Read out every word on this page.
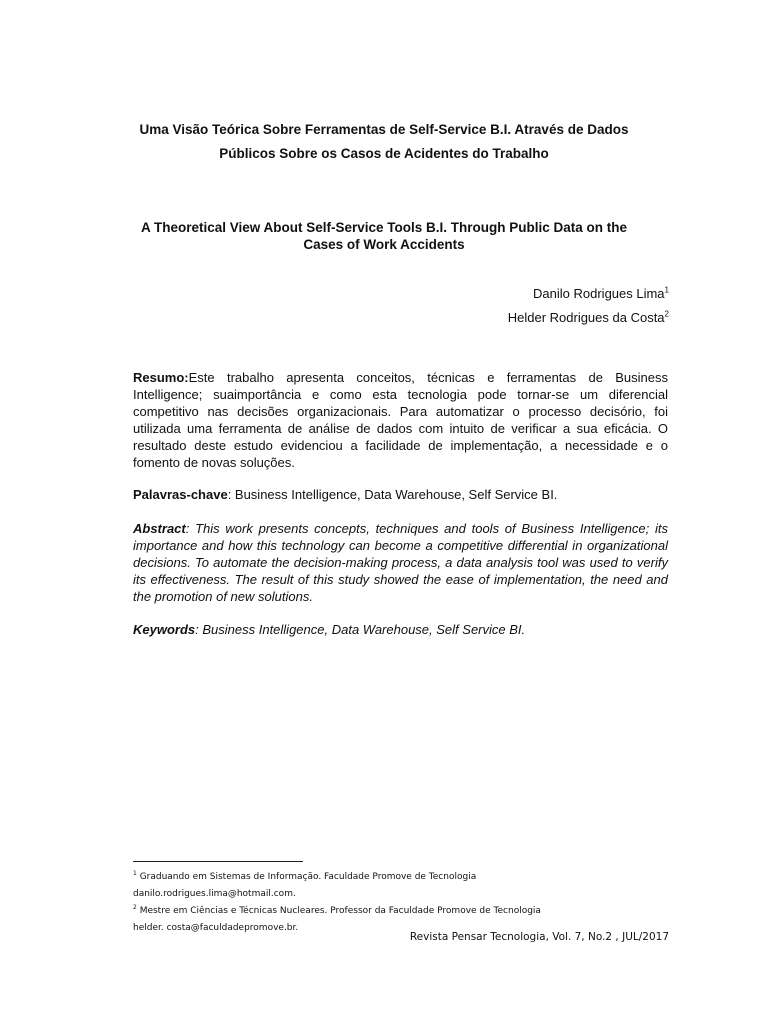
Uma Visão Teórica Sobre Ferramentas de Self-Service B.I. Através de Dados
Públicos Sobre os Casos de Acidentes do Trabalho
A Theoretical View About Self-Service Tools B.I. Through Public Data on the
Cases of Work Accidents
Danilo Rodrigues Lima$^1$
Helder Rodrigues da Costa$^2$
Resumo:Este trabalho apresenta conceitos, técnicas e ferramentas de Business Intelligence; suaimportância e como esta tecnologia pode tornar-se um diferencial competitivo nas decisões organizacionais. Para automatizar o processo decisório, foi utilizada uma ferramenta de análise de dados com intuito de verificar a sua eficácia. O resultado deste estudo evidenciou a facilidade de implementação, a necessidade e o fomento de novas soluções.
Palavras-chave: Business Intelligence, Data Warehouse, Self Service BI.
Abstract: This work presents concepts, techniques and tools of Business Intelligence; its importance and how this technology can become a competitive differential in organizational decisions. To automate the decision-making process, a data analysis tool was used to verify its effectiveness. The result of this study showed the ease of implementation, the need and the promotion of new solutions.
Keywords: Business Intelligence, Data Warehouse, Self Service BI.
$^1$ Graduando em Sistemas de Informação. Faculdade Promove de Tecnologia
danilo.rodrigues.lima@hotmail.com.
$^2$ Mestre em Ciências e Técnicas Nucleares. Professor da Faculdade Promove de Tecnologia
helder. costa@faculdadepromove.br.
Revista Pensar Tecnologia, Vol. 7, No.2 , JUL/2017
